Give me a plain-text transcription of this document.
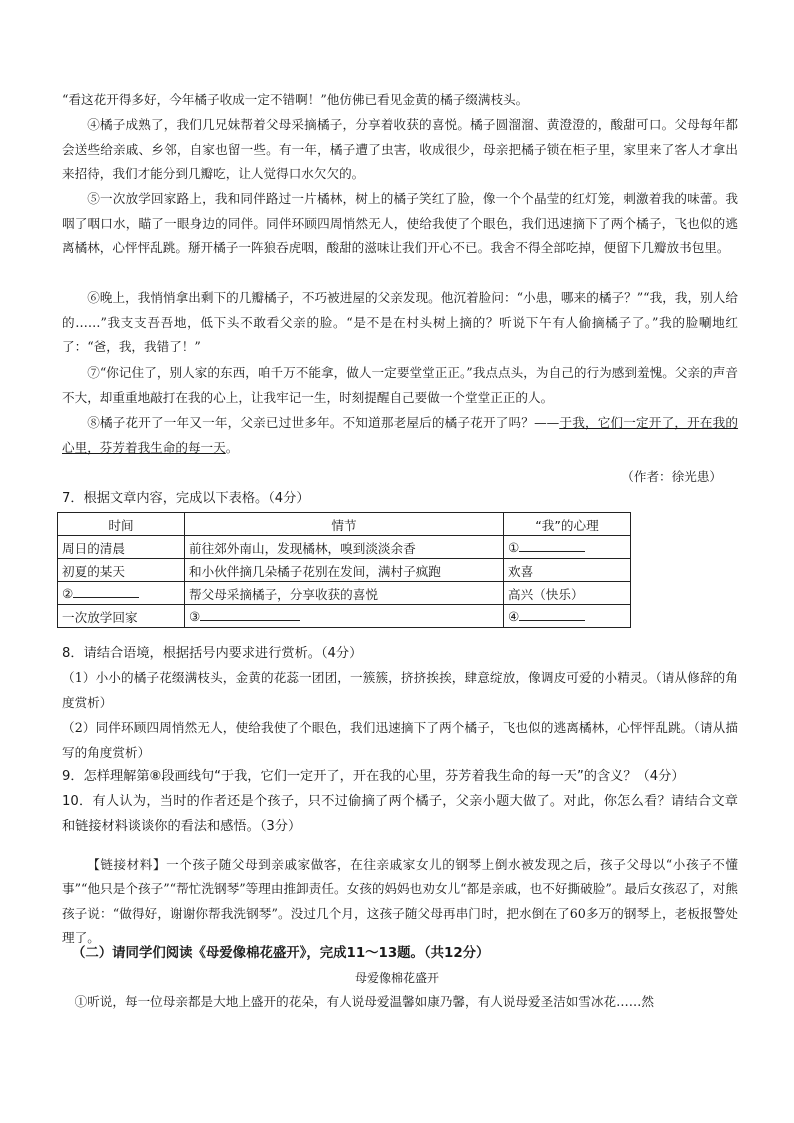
“看这花开得多好，今年橘子收成一定不错啊！”他仿佛已看见金黄的橘子缀满枝头。

④橘子成熟了，我们几兄妹帮着父母采摘橘子，分享着收获的喜悦。橘子圆溜溜、黄澄澄的，酸甜可口。父母每年都会送些给亲戚、乡邻，自家也留一些。有一年，橘子遭了虫害，收成很少，母亲把橘子锁在柜子里，家里来了客人才拿出来招待，我们才能分到几瓣吃，让人觉得口水欠欠的。

⑤一次放学回家路上，我和同伴路过一片橘林，树上的橘子笑红了脸，像一个个晶莹的红灯笼，刺激着我的味蕾。我咽了咽口水，瞄了一眼身边的同伴。同伴环顾四周悄然无人，使给我使了个眼色，我们迅速摘下了两个橘子，飞也似的逃离橘林，心怦怦乱跳。掰开橘子一阵狼吞虎咽，酸甜的滋味让我们开心不已。我舍不得全部吃掉，便留下几瓣放书包里。

⑥晚上，我悄悄拿出剩下的几瓣橘子，不巧被进屋的父亲发现。他沉着脸问：“小患，哪来的橘子？”“我，我，别人给的……”我支支吾吾地，低下头不敢看父亲的脸。“是不是在村头树上摘的？听说下午有人偷摘橘子了。”我的脸唰地红了：“爸，我，我错了！”

⑦“你记住了，别人家的东西，咱千万不能拿，做人一定要堂堂正正。”我点点头，为自己的行为感到羞愧。父亲的声音不大，却重重地敲打在我的心上，让我牢记一生，时刻提醒自己要做一个堂堂正正的人。

⑧橘子花开了一年又一年，父亲已过世多年。不知道那老屋后的橘子花开了吗？——于我，它们一定开了，开在我的心里，芬芳着我生命的每一天。

（作者：徐光患）
7．根据文章内容，完成以下表格。（4分）
时间	情节	“我”的心理
周日的清晨	前往郊外南山，发现橘林，嗅到淡淡余香	①
初夏的某天	和小伙伴摘几朵橘子花别在发间，满村子疯跑	欢喜
②	帮父母采摘橘子，分享收获的喜悦	高兴（快乐）
一次放学回家	③	④
8．请结合语境，根据括号内要求进行赏析。（4分）

（1）小小的橘子花缀满枝头，金黄的花蕊一团团，一簇簇，挤挤挨挨，肆意绽放，像调皮可爱的小精灵。（请从修辞的角度赏析）

（2）同伴环顾四周悄然无人，使给我使了个眼色，我们迅速摘下了两个橘子，飞也似的逃离橘林，心怦怦乱跳。（请从描写的角度赏析）

9．怎样理解第⑧段画线句“于我，它们一定开了，开在我的心里，芬芳着我生命的每一天”的含义？（4分）
10．有人认为，当时的作者还是个孩子，只不过偷摘了两个橘子，父亲小题大做了。对此，你怎么看？请结合文章和链接材料谈谈你的看法和感悟。（3分）

【链接材料】一个孩子随父母到亲戚家做客，在往亲戚家女儿的钢琴上倒水被发现之后，孩子父母以“小孩子不懂事”“他只是个孩子”“帮忙洗钢琴”等理由推卸责任。女孩的妈妈也劝女儿“都是亲戚，也不好撕破脸”。最后女孩忍了，对熊孩子说：“做得好，谢谢你帮我洗钢琴”。没过几个月，这孩子随父母再串门时，把水倒在了60多万的钢琴上，老板报警处理了。

（二）请同学们阅读《母爱像棉花盛开》，完成11～13题。（共12分）
母爱像棉花盛开

①听说，每一位母亲都是大地上盛开的花朵，有人说母爱温馨如康乃馨，有人说母爱圣洁如雪冰花……然
